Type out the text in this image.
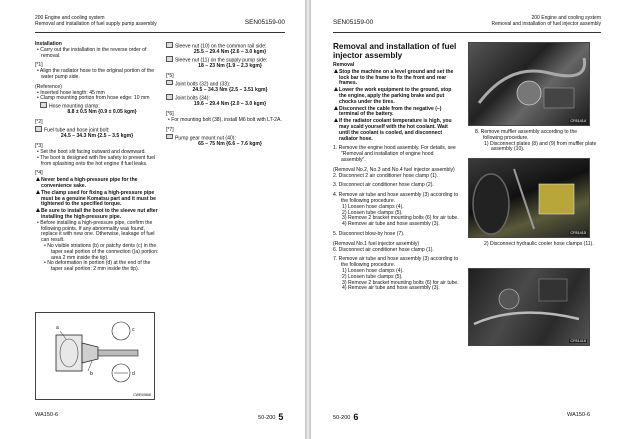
200 Engine and cooling system
Removal and installation of fuel supply pump assembly	SEN05159-00

Installation

• Carry out the installation in the reverse order of removal.

[*1]

• Align the radiator hose to the original portion of the water pump side.

(Reference)

• Inserted hose length: 45 mm

• Clamp mounting portion from hose edge: 10 mm

Hose mounting clamp:

8.8 ± 0.5 Nm {0.9 ± 0.05 kgm}

[*2]

Fuel tube and hose joint bolt:

24.5 – 34.3 Nm {2.5 – 3.5 kgm}

[*3]

• Set the boot slit facing outward and downward.

• The boot is designed with fire safety to prevent fuel from splashing onto the hot engine if fuel leaks.

[*4]

Never bend a high-pressure pipe for the convenience sake.

The clamp used for fixing a high-pressure pipe must be a genuine Komatsu part and it must be tightened to the specified torque.

Be sure to install the boot to the sleeve nut after installing the high-pressure pipe.

• Before installing a high-pressure pipe, confirm the following points. If any abnormality was found, replace it with new one. Otherwise, leakage of fuel can result.

• No visible striations (b) or patchy dents (c) in the taper seal portion of the connection ((a) portion: area 2 mm inside the tip).

• No deformation in portion (d) at the end of the taper seal portion: 2 mm inside the tip).

a
b
c
d
CWE00868

Sleeve nut (10) on the common rail side:

25.5 – 29.4 Nm {2.6 – 3.0 kgm}

Sleeve nut (11) on the supply pump side:

18 – 23 Nm {1.9 – 2.3 kgm}

[*5]

Joint bolts (32) and (33):

24.5 – 34.3 Nm {2.5 – 3.51 kgm}

Joint bolts (34):

19.6 – 29.4 Nm {2.0 – 3.0 kgm}

[*6]

• For mounting bolt (38), install M6 bolt with LT-2A.

[*7]

Pump gear mount nut (40):

65 – 75 Nm {6.6 – 7.6 kgm}

WA150-6	50-200 5
SEN05159-00
200 Engine and cooling system
Removal and installation of fuel injector assembly
Removal and installation of fuel injector assembly

Removal

Stop the machine on a level ground and set the lock bar to the frame to fix the front and rear frames.

Lower the work equipment to the ground, stop the engine, apply the parking brake and put chocks under the tires.

Disconnect the cable from the negative (–) terminal of the battery.

If the radiator coolant temperature is high, you may scald yourself with the hot coolant. Wait until the coolant is cooled, and disconnect radiator hose.

1. Remove the engine hood assembly. For details, see "Removal and installation of engine hood assembly".

(Removal No.2, No.3 and No.4 fuel injector assembly)

2. Disconnect 2 air conditioner hose clamp (1).

3. Disconnect air conditioner hose clamp (2).

4. Remove air tube and hose assembly (3) according to the following procedure.

1) Loosen hose clamps (4).

2) Loosen tube clamps (5).

3) Remove 2 bracket mounting bolts (6) for air tube.

4) Remove air tube and hose assembly (3).

5. Disconnect blow-by hose (7).

(Removal No.1 fuel injector assembly)

6. Disconnect air conditioner hose clamp (1).

7. Remove air tube and hose assembly (3) according to the following procedure.

1) Loosen hose clamps (4).

2) Loosen tube clamps (5).

3) Remove 2 bracket mounting bolts (6) for air tube.

4) Remove air tube and hose assembly (3).

CF81414

8. Remove muffler assembly according to the following procedure.

1) Disconnect plates (8) and (9) from muffler plate assembly (10).

CF81415

2) Disconnect hydraulic cooler hose clamps (11).

CF81416
50-200 6	WA150-6
